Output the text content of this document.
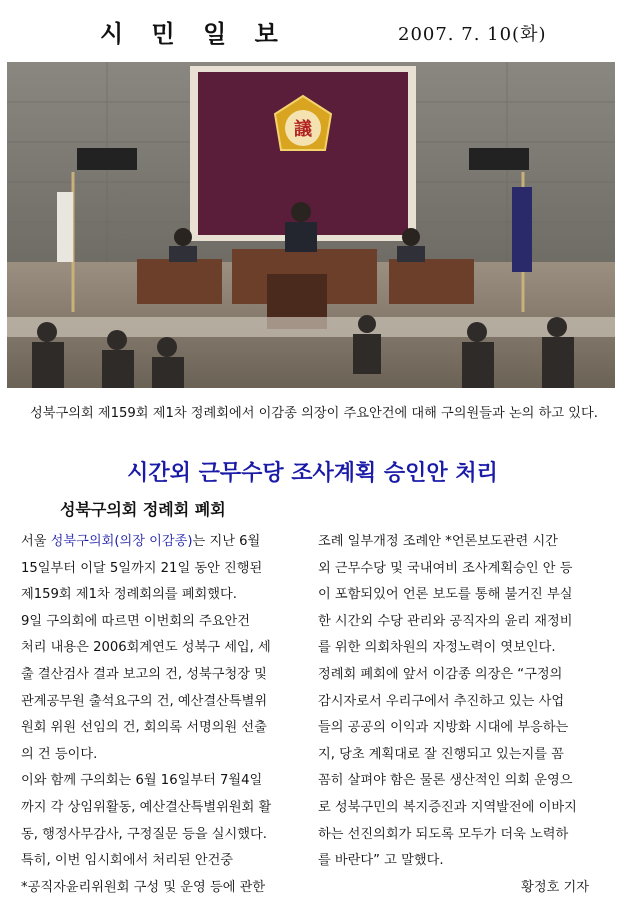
시 민 일 보	2007. 7. 10(화)
議
성북구의회 제159회 제1차 정례회에서 이감종 의장이 주요안건에 대해 구의원들과 논의 하고 있다.
시간외 근무수당 조사계획 승인안 처리
성북구의회 정례회 폐회

서울 성북구의회(의장 이감종)는 지난 6월
15일부터 이달 5일까지 21일 동안 진행된
제159회 제1차 정례회의를 폐회했다.
9일 구의회에 따르면 이번회의 주요안건
처리 내용은 2006회계연도 성북구 세입, 세
출 결산검사 결과 보고의 건, 성북구청장 및
관계공무원 출석요구의 건, 예산결산특별위
원회 위원 선임의 건, 회의록 서명의원 선출
의 건 등이다.
이와 함께 구의회는 6월 16일부터 7월4일
까지 각 상임위활동, 예산결산특별위원회 활
동, 행정사무감사, 구정질문 등을 실시했다.
특히, 이번 임시회에서 처리된 안건중
*공직자윤리위원회 구성 및 운영 등에 관한

조례 일부개정 조례안 *언론보도관련 시간
외 근무수당 및 국내여비 조사계획승인 안 등
이 포함되있어 언론 보도를 통해 불거진 부실
한 시간외 수당 관리와 공직자의 윤리 재정비
를 위한 의회차원의 자정노력이 엿보인다.
정례회 폐회에 앞서 이감종 의장은 “구정의
감시자로서 우리구에서 추진하고 있는 사업
들의 공공의 이익과 지방화 시대에 부응하는
지, 당초 계획대로 잘 진행되고 있는지를 꼼
꼼히 살펴야 함은 물론 생산적인 의회 운영으
로 성북구민의 복지증진과 지역발전에 이바지
하는 선진의회가 되도록 모두가 더욱 노력하
를 바란다” 고 말했다.

황정호 기자
